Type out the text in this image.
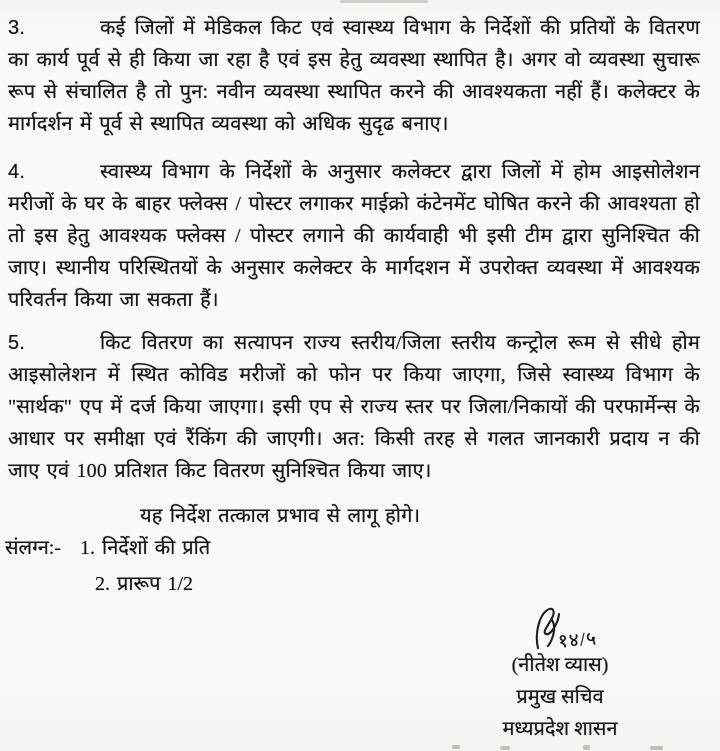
3.	कई जिलों में मेडिकल किट एवं स्वास्थ्य विभाग के निर्देशों की प्रतियों के वितरण का कार्य पूर्व से ही किया जा रहा है एवं इस हेतु व्यवस्था स्थापित है। अगर वो व्यवस्था सुचारू रूप से संचालित है तो पुन: नवीन व्यवस्था स्थापित करने की आवश्यकता नहीं हैं। कलेक्टर के मार्गदर्शन में पूर्व से स्थापित व्यवस्था को अधिक सुदृढ बनाए।

4.	स्वास्थ्य विभाग के निर्देशों के अनुसार कलेक्टर द्वारा जिलों में होम आइसोलेशन मरीजों के घर के बाहर फ्लेक्स / पोस्टर लगाकर माईक्रो कंटेनमेंट घोषित करने की आवश्यता हो तो इस हेतु आवश्यक फ्लेक्स / पोस्टर लगाने की कार्यवाही भी इसी टीम द्वारा सुनिश्चित की जाए। स्थानीय परिस्थितयों के अनुसार कलेक्टर के मार्गदशन में उपरोक्त व्यवस्था में आवश्यक परिवर्तन किया जा सकता हैं।

5.	किट वितरण का सत्यापन राज्य स्तरीय/जिला स्तरीय कन्ट्रोल रूम से सीधे होम आइसोलेशन में स्थित कोविड मरीजों को फोन पर किया जाएगा, जिसे स्वास्थ्य विभाग के "सार्थक" एप में दर्ज किया जाएगा। इसी एप से राज्य स्तर पर जिला/निकायों की परफार्मेन्स के आधार पर समीक्षा एवं रैंकिंग की जाएगी। अत: किसी तरह से गलत जानकारी प्रदाय न की जाए एवं 100 प्रतिशत किट वितरण सुनिश्चित किया जाए।

यह निर्देश तत्काल प्रभाव से लागू होगे।
संलग्न:- 1. निर्देशों की प्रति
2. प्रारूप 1/2
१४/५
(नीतेश व्यास)
प्रमुख सचिव
मध्यप्रदेश शासन
